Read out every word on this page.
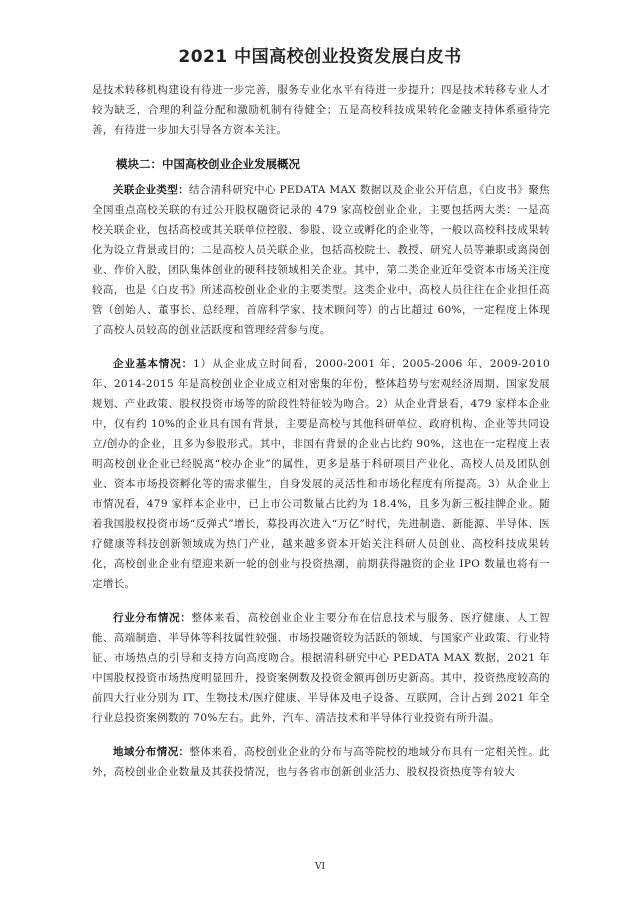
2021 中国高校创业投资发展白皮书

是技术转移机构建设有待进一步完善，服务专业化水平有待进一步提升；四是技术转移专业人才较为缺乏，合理的利益分配和激励机制有待健全；五是高校科技成果转化金融支持体系亟待完善，有待进一步加大引导各方资本关注。

模块二：中国高校创业企业发展概况

关联企业类型：结合清科研究中心 PEDATA MAX 数据以及企业公开信息，《白皮书》聚焦全国重点高校关联的有过公开股权融资记录的 479 家高校创业企业，主要包括两大类：一是高校关联企业，包括高校或其关联单位控股、参股、设立或孵化的企业等，一般以高校科技成果转化为设立背景或目的；二是高校人员关联企业，包括高校院士、教授、研究人员等兼职或离岗创业、作价入股，团队集体创业的硬科技领域相关企业。其中，第二类企业近年受资本市场关注度较高，也是《白皮书》所述高校创业企业的主要类型。这类企业中，高校人员往往在企业担任高管（创始人、董事长、总经理、首席科学家、技术顾问等）的占比超过 60%，一定程度上体现了高校人员较高的创业活跃度和管理经营参与度。

企业基本情况：1）从企业成立时间看，2000-2001 年、2005-2006 年、2009-2010 年、2014-2015 年是高校创业企业成立相对密集的年份，整体趋势与宏观经济周期、国家发展规划、产业政策、股权投资市场等的阶段性特征较为吻合。2）从企业背景看，479 家样本企业中，仅有约 10%的企业具有国有背景，主要是高校与其他科研单位、政府机构、企业等共同设立/创办的企业，且多为参股形式。其中，非国有背景的企业占比约 90%，这也在一定程度上表明高校创业企业已经脱离“校办企业”的属性，更多是基于科研项目产业化、高校人员及团队创业、资本市场投资孵化等的需求催生，自身发展的灵活性和市场化程度有所提高。3）从企业上市情况看，479 家样本企业中，已上市公司数量占比约为 18.4%，且多为新三板挂牌企业。随着我国股权投资市场“反弹式”增长，募投再次进入“万亿”时代，先进制造、新能源、半导体、医疗健康等科技创新领域成为热门产业，越来越多资本开始关注科研人员创业、高校科技成果转化，高校创业企业有望迎来新一轮的创业与投资热潮，前期获得融资的企业 IPO 数量也将有一定增长。

行业分布情况：整体来看，高校创业企业主要分布在信息技术与服务、医疗健康、人工智能、高端制造、半导体等科技属性较强、市场投融资较为活跃的领域，与国家产业政策、行业特征、市场热点的引导和支持方向高度吻合。根据清科研究中心 PEDATA MAX 数据，2021 年中国股权投资市场热度明显回升，投资案例数及投资金额再创历史新高。其中，投资热度较高的前四大行业分别为 IT、生物技术/医疗健康、半导体及电子设备、互联网，合计占到 2021 年全行业总投资案例数的 70%左右。此外，汽车、清洁技术和半导体行业投资有所升温。

地域分布情况：整体来看，高校创业企业的分布与高等院校的地域分布具有一定相关性。此外，高校创业企业数量及其获投情况，也与各省市创新创业活力、股权投资热度等有较大

VI
